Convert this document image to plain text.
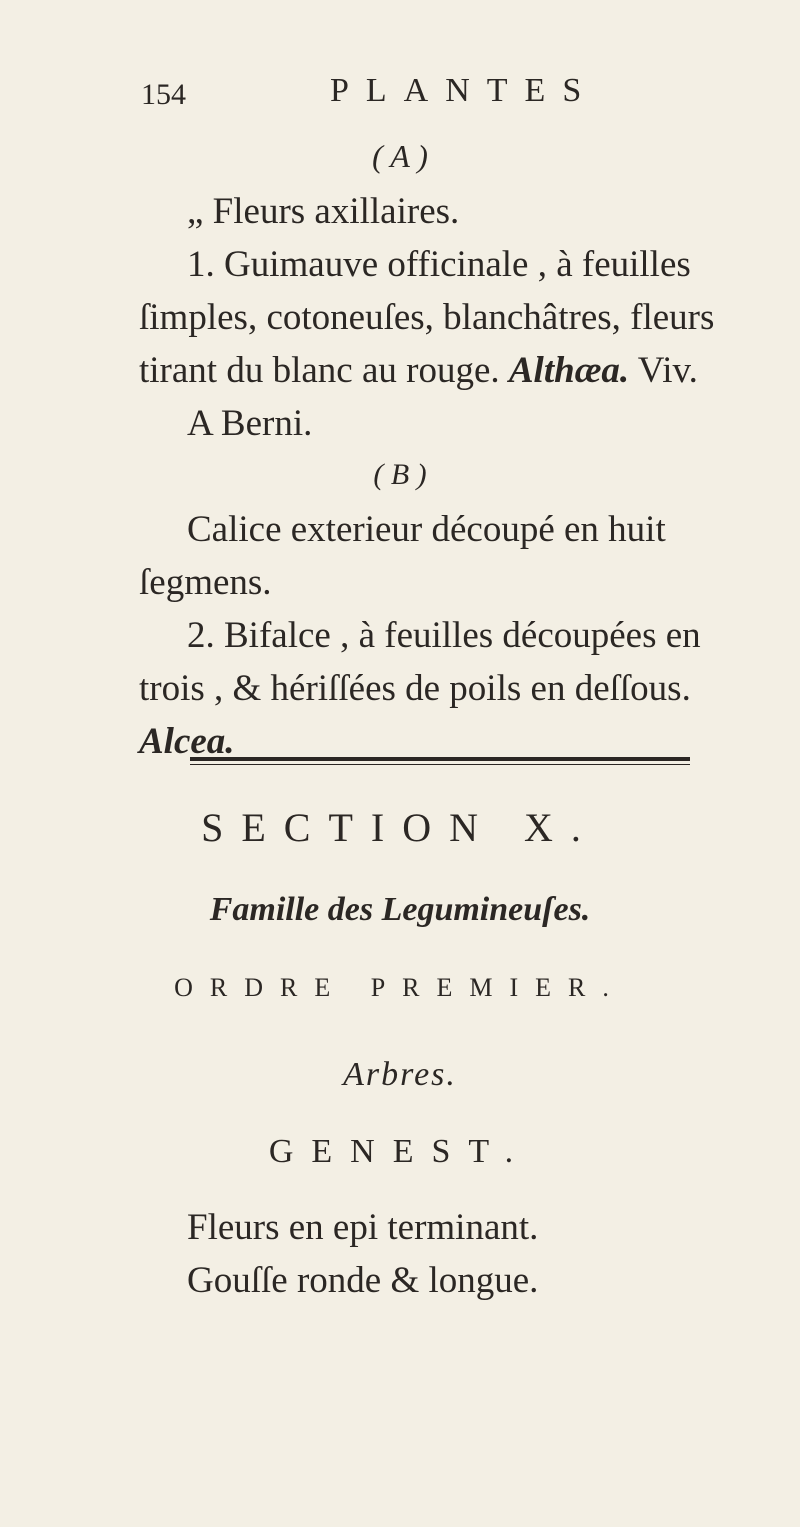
154	PLANTES
( A )
„ Fleurs axillaires.
1. Guimauve officinale , à feuilles
ſimples, cotoneuſes, blanchâtres, fleurs
tirant du blanc au rouge. Althæa. Viv.
A Berni.
( B )
Calice exterieur découpé en huit
ſegmens.
2. Bifalce , à feuilles découpées en
trois , & hériſſées de poils en deſſous.
Alcea.
SECTION X.
Famille des Legumineuſes.
ORDRE PREMIER.
Arbres.
GENEST.
Fleurs en epi terminant.
Gouſſe ronde & longue.
